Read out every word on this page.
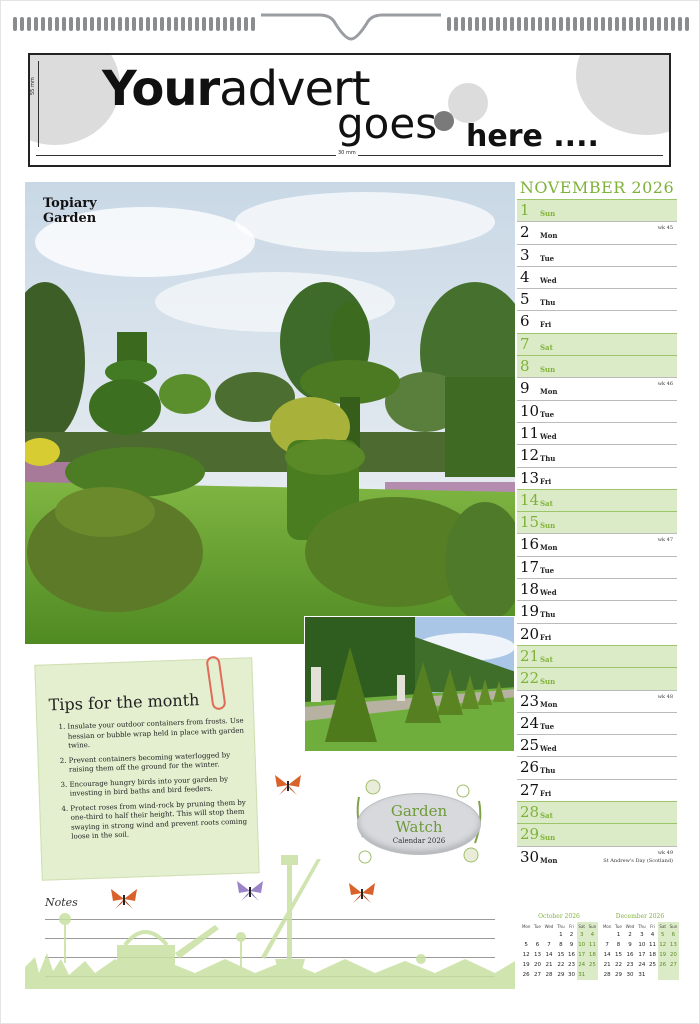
30 mm
55 mm Youradvert
goes here ....
Topiary
Garden
NOVEMBER 2026
1 Sun
2 Mon
wk 45
3 Tue
4 Wed
5 Thu
6 Fri
7 Sat
8 Sun
9 Mon
wk 46
10 Tue
11 Wed
12 Thu
13 Fri
14 Sat
15 Sun
16 Mon
wk 47
17 Tue
18 Wed
19 Thu
20 Fri
21 Sat
22 Sun
23 Mon
wk 48
24 Tue
25 Wed
26 Thu
27 Fri
28 Sat
29 Sun
30 Mon
wk 49
St Andrew's Day (Scotland)
October 2026
Mon	Tue	Wed	Thu	Fri	Sat	Sun
			1	2	3	4
5	6	7	8	9	10	11
12	13	14	15	16	17	18
19	20	21	22	23	24	25
26	27	28	29	30	31	
December 2026
Mon	Tue	Wed	Thu	Fri	Sat	Sun
	1	2	3	4	5	6
7	8	9	10	11	12	13
14	15	16	17	18	19	20
21	22	23	24	25	26	27
28	29	30	31			
Tips for the month
1. Insulate your outdoor containers from frosts. Use hessian or bubble wrap held in place with garden twine.
2. Prevent containers becoming waterlogged by raising them off the ground for the winter.
3. Encourage hungry birds into your garden by investing in bird baths and bird feeders.
4. Protect roses from wind-rock by pruning them by one-third to half their height. This will stop them swaying in strong wind and prevent roots coming loose in the soil.
Garden
Watch
Calendar 2026
Notes
